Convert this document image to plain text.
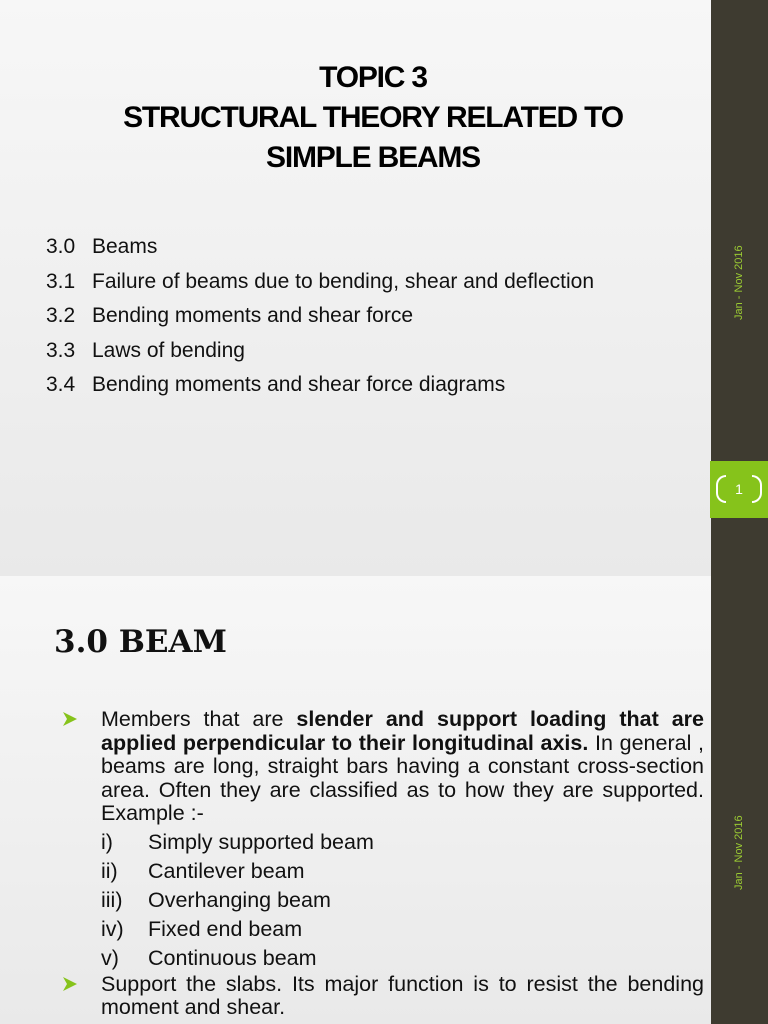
TOPIC 3
STRUCTURAL THEORY RELATED TO
SIMPLE BEAMS
3.0 Beams
3.1 Failure of beams due to bending, shear and deflection
3.2 Bending moments and shear force
3.3 Laws of bending
3.4 Bending moments and shear force diagrams
Jan - Nov 2016
1
3.0 BEAM
Members that are slender and support loading that are applied perpendicular to their longitudinal axis. In general , beams are long, straight bars having a constant cross-section area. Often they are classified as to how they are supported. Example :-
i) Simply supported beam
ii) Cantilever beam
iii) Overhanging beam
iv) Fixed end beam
v) Continuous beam
Support the slabs. Its major function is to resist the bending moment and shear.
Jan - Nov 2016
